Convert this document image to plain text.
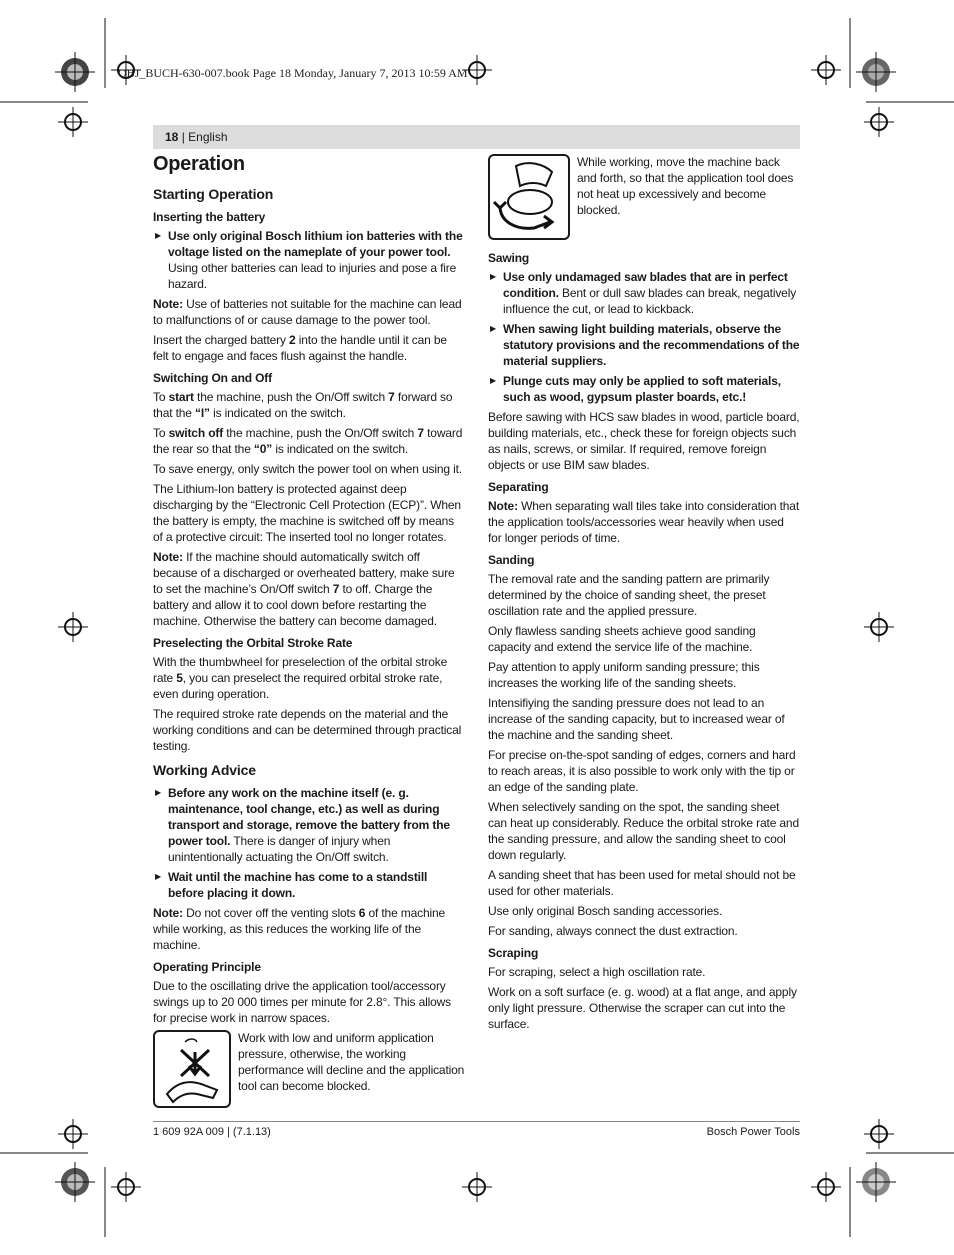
OBJ_BUCH-630-007.book Page 18 Monday, January 7, 2013 10:59 AM
18 | English
Operation
Starting Operation
Inserting the battery

▶ Use only original Bosch lithium ion batteries with the voltage listed on the nameplate of your power tool. Using other batteries can lead to injuries and pose a fire hazard.

Note: Use of batteries not suitable for the machine can lead to malfunctions of or cause damage to the power tool.

Insert the charged battery 2 into the handle until it can be felt to engage and faces flush against the handle.

Switching On and Off

To start the machine, push the On/Off switch 7 forward so that the “I” is indicated on the switch.

To switch off the machine, push the On/Off switch 7 toward the rear so that the “0” is indicated on the switch.

To save energy, only switch the power tool on when using it.

The Lithium-Ion battery is protected against deep discharging by the “Electronic Cell Protection (ECP)”. When the battery is empty, the machine is switched off by means of a protective circuit: The inserted tool no longer rotates.

Note: If the machine should automatically switch off because of a discharged or overheated battery, make sure to set the machine’s On/Off switch 7 to off. Charge the battery and allow it to cool down before restarting the machine. Otherwise the battery can become damaged.

Preselecting the Orbital Stroke Rate

With the thumbwheel for preselection of the orbital stroke rate 5, you can preselect the required orbital stroke rate, even during operation.

The required stroke rate depends on the material and the working conditions and can be determined through practical testing.

Working Advice

▶ Before any work on the machine itself (e. g. maintenance, tool change, etc.) as well as during transport and storage, remove the battery from the power tool. There is danger of injury when unintentionally actuating the On/Off switch.

▶ Wait until the machine has come to a standstill before placing it down.

Note: Do not cover off the venting slots 6 of the machine while working, as this reduces the working life of the machine.

Operating Principle

Due to the oscillating drive the application tool/accessory swings up to 20 000 times per minute for 2.8°. This allows for precise work in narrow spaces.

Work with low and uniform application pressure, otherwise, the working performance will decline and the application tool can become blocked.
While working, move the machine back and forth, so that the application tool does not heat up excessively and become blocked.
Sawing

▶ Use only undamaged saw blades that are in perfect condition. Bent or dull saw blades can break, negatively influence the cut, or lead to kickback.

▶ When sawing light building materials, observe the statutory provisions and the recommendations of the material suppliers.

▶ Plunge cuts may only be applied to soft materials, such as wood, gypsum plaster boards, etc.!

Before sawing with HCS saw blades in wood, particle board, building materials, etc., check these for foreign objects such as nails, screws, or similar. If required, remove foreign objects or use BIM saw blades.

Separating

Note: When separating wall tiles take into consideration that the application tools/accessories wear heavily when used for longer periods of time.

Sanding

The removal rate and the sanding pattern are primarily determined by the choice of sanding sheet, the preset oscillation rate and the applied pressure.

Only flawless sanding sheets achieve good sanding capacity and extend the service life of the machine.

Pay attention to apply uniform sanding pressure; this increases the working life of the sanding sheets.

Intensifiying the sanding pressure does not lead to an increase of the sanding capacity, but to increased wear of the machine and the sanding sheet.

For precise on-the-spot sanding of edges, corners and hard to reach areas, it is also possible to work only with the tip or an edge of the sanding plate.

When selectively sanding on the spot, the sanding sheet can heat up considerably. Reduce the orbital stroke rate and the sanding pressure, and allow the sanding sheet to cool down regularly.

A sanding sheet that has been used for metal should not be used for other materials.

Use only original Bosch sanding accessories.

For sanding, always connect the dust extraction.

Scraping

For scraping, select a high oscillation rate.

Work on a soft surface (e. g. wood) at a flat ange, and apply only light pressure. Otherwise the scraper can cut into the surface.

1 609 92A 009 | (7.1.13)	Bosch Power Tools
